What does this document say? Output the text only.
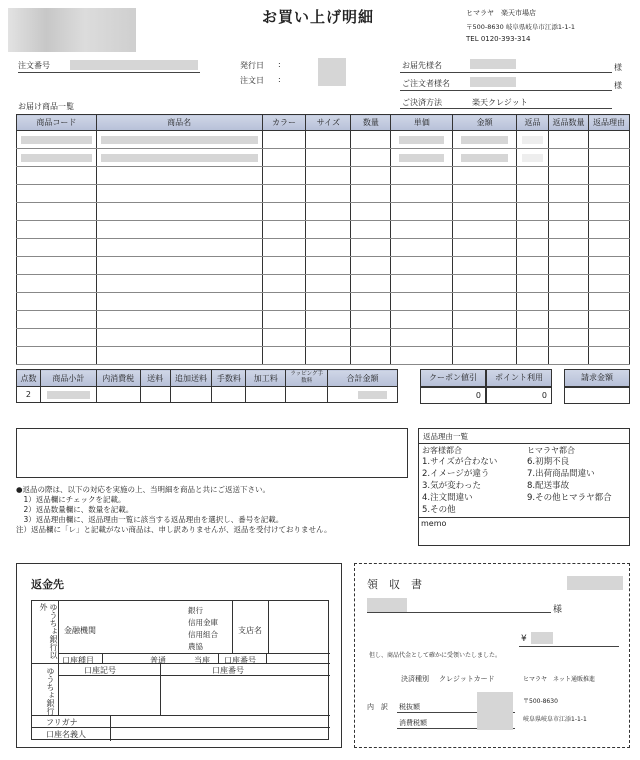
お買い上げ明細	ヒマラヤ　楽天市場店
〒500-8630 岐阜県岐阜市江添1-1-1
TEL 0120-393-314
注文番号	発行日 :
注文日 :
お届先様名	様
ご注文者様名	様
ご決済方法	楽天クレジット
お届け商品一覧
商品コード	商品名	カラー	サイズ	数量	単価	金額	返品	返品数量	返品理由

点数	商品小計	内消費税	送料	追加送料	手数料	加工料	ラッピング手数料	合計金額
2	

クーポン値引	ポイント利用
0	0
請求金額
返品理由一覧
お客様都合	ヒマラヤ都合
1.サイズが合わない
2.イメージが違う
3.気が変わった
4.注文間違い
5.その他
6.初期不良
7.出荷商品間違い
8.配送事故
9.その他ヒマラヤ都合
memo
●返品の際は、以下の対応を実施の上、当明細を商品と共にご返送下さい。
　1）返品欄にチェックを記載。
　2）返品数量欄に、数量を記載。
　3）返品理由欄に、返品理由一覧に該当する返品理由を選択し、番号を記載。
注）返品欄に「レ」と記載がない商品は、申し訳ありませんが、返品を受付けておりません。
返金先
ゆうちょ銀行以外
金融機関
銀行
信用金庫
信用組合
農協
支店名
口座種目	普通	当座 口座番号
ゆうちょ銀行	口座記号	口座番号
フリガナ
口座名義人
領　収　書
様
¥
但し、商品代金として確かに受領いたしました。
決済種別 クレジットカード	ヒマラヤ　ネット通販推進
内　訳 税抜額
消費税額
〒500-8630
岐阜県岐阜市江添1-1-1
